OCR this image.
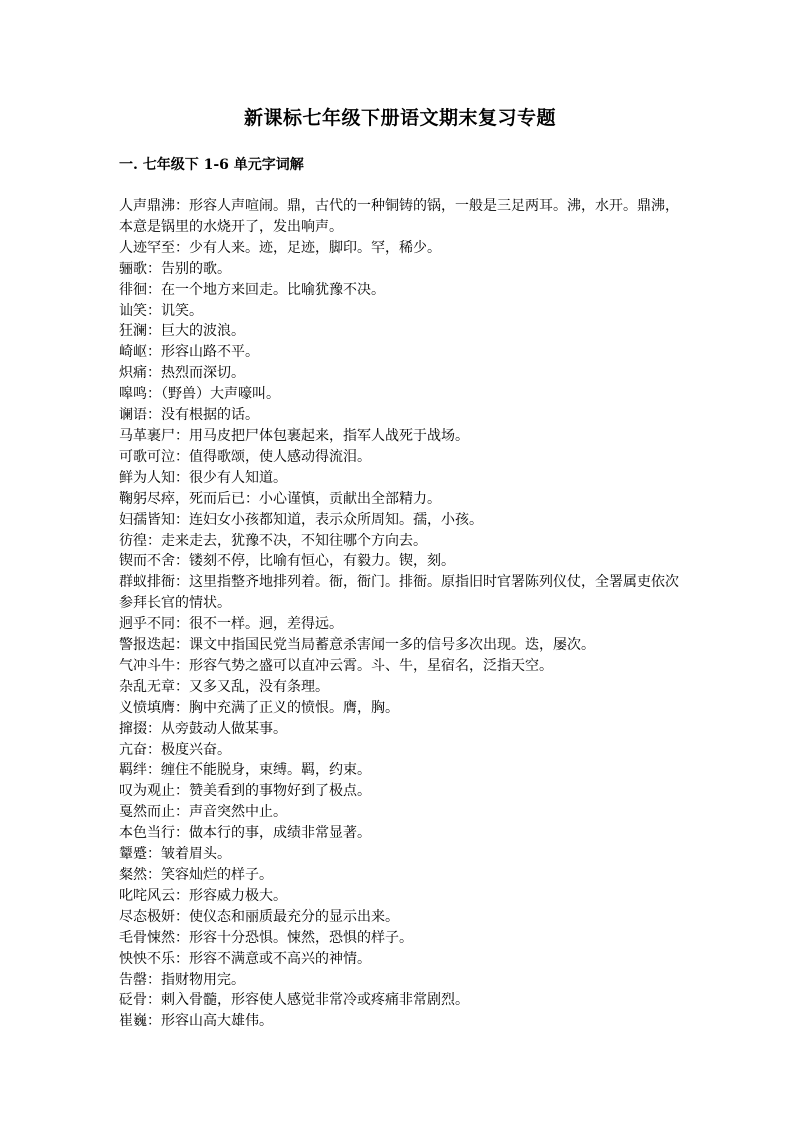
新课标七年级下册语文期末复习专题
一. 七年级下 1-6 单元字词解

人声鼎沸：形容人声喧闹。鼎，古代的一种铜铸的锅，一般是三足两耳。沸，水开。鼎沸，本意是锅里的水烧开了，发出响声。

人迹罕至：少有人来。迹，足迹，脚印。罕，稀少。

骊歌：告别的歌。

徘徊：在一个地方来回走。比喻犹豫不决。

讪笑：讥笑。

狂澜：巨大的波浪。

崎岖：形容山路不平。

炽痛：热烈而深切。

嗥鸣：（野兽）大声嚎叫。

谰语：没有根据的话。

马革裹尸：用马皮把尸体包裹起来，指军人战死于战场。

可歌可泣：值得歌颂，使人感动得流泪。

鲜为人知：很少有人知道。

鞠躬尽瘁，死而后已：小心谨慎，贡献出全部精力。

妇孺皆知：连妇女小孩都知道，表示众所周知。孺，小孩。

彷徨：走来走去，犹豫不决，不知往哪个方向去。

锲而不舍：镂刻不停，比喻有恒心，有毅力。锲，刻。

群蚁排衙：这里指整齐地排列着。衙，衙门。排衙。原指旧时官署陈列仪仗，全署属吏依次参拜长官的情状。

迥乎不同：很不一样。迥，差得远。

警报迭起：课文中指国民党当局蓄意杀害闻一多的信号多次出现。迭，屡次。

气冲斗牛：形容气势之盛可以直冲云霄。斗、牛，星宿名，泛指天空。

杂乱无章：又多又乱，没有条理。

义愤填膺：胸中充满了正义的愤恨。膺，胸。

撺掇：从旁鼓动人做某事。

亢奋：极度兴奋。

羁绊：缠住不能脱身，束缚。羁，约束。

叹为观止：赞美看到的事物好到了极点。

戛然而止：声音突然中止。

本色当行：做本行的事，成绩非常显著。

颦蹙：皱着眉头。

粲然：笑容灿烂的样子。

叱咤风云：形容威力极大。

尽态极妍：使仪态和丽质最充分的显示出来。

毛骨悚然：形容十分恐惧。悚然，恐惧的样子。

怏怏不乐：形容不满意或不高兴的神情。

告罄：指财物用完。

砭骨：刺入骨髓，形容使人感觉非常冷或疼痛非常剧烈。

崔巍：形容山高大雄伟。
